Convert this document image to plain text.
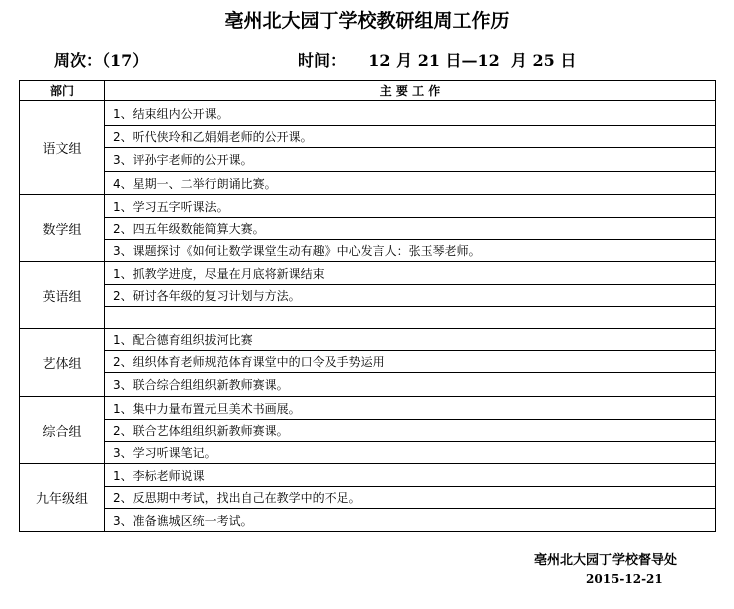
亳州北大园丁学校教研组周工作历
周次：（17）	时间：    12 月 21 日—12  月 25 日
部门	主 要 工 作
语文组	1、结束组内公开课。
	2、听代侠玲和乙娟娟老师的公开课。
	3、评孙宇老师的公开课。
	4、星期一、二举行朗诵比赛。
数学组	1、学习五字听课法。
	2、四五年级数能简算大赛。
	3、课题探讨《如何让数学课堂生动有趣》中心发言人：张玉琴老师。
英语组	1、抓教学进度，尽量在月底将新课结束
	2、研讨各年级的复习计划与方法。

艺体组	1、配合德育组织拔河比赛
	2、组织体育老师规范体育课堂中的口令及手势运用
	3、联合综合组组织新教师赛课。
综合组	1、集中力量布置元旦美术书画展。
	2、联合艺体组组织新教师赛课。
	3、学习听课笔记。
九年级组	1、李标老师说课
	2、反思期中考试，找出自己在教学中的不足。
	3、准备谯城区统一考试。
亳州北大园丁学校督导处
2015-12-21
